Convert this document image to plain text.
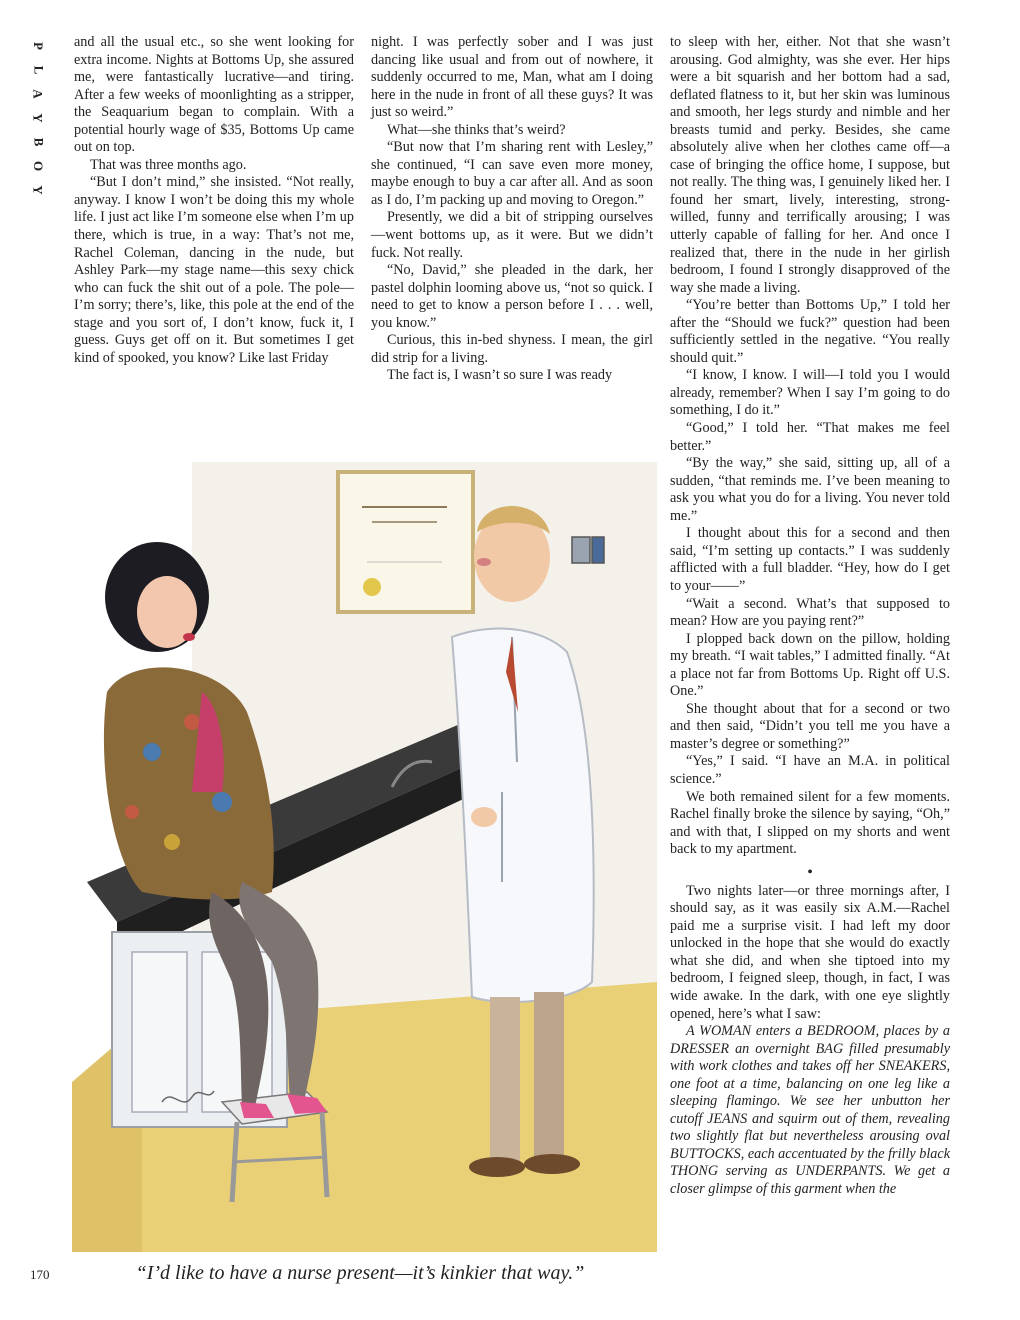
P
L
A
Y
B
O
Y

and all the usual etc., so she went looking for extra income. Nights at Bottoms Up, she assured me, were fantastically lucrative—and tiring. After a few weeks of moonlighting as a stripper, the Seaquarium began to complain. With a potential hourly wage of $35, Bottoms Up came out on top.

That was three months ago.

“But I don’t mind,” she insisted. “Not really, anyway. I know I won’t be doing this my whole life. I just act like I’m someone else when I’m up there, which is true, in a way: That’s not me, Rachel Coleman, dancing in the nude, but Ashley Park—my stage name—this sexy chick who can fuck the shit out of a pole. The pole—I’m sorry; there’s, like, this pole at the end of the stage and you sort of, I don’t know, fuck it, I guess. Guys get off on it. But sometimes I get kind of spooked, you know? Like last Friday

night. I was perfectly sober and I was just dancing like usual and from out of nowhere, it suddenly occurred to me, Man, what am I doing here in the nude in front of all these guys? It was just so weird.”

What—she thinks that’s weird?

“But now that I’m sharing rent with Lesley,” she continued, “I can save even more money, maybe enough to buy a car after all. And as soon as I do, I’m packing up and moving to Oregon.”

Presently, we did a bit of stripping ourselves—went bottoms up, as it were. But we didn’t fuck. Not really.

“No, David,” she pleaded in the dark, her pastel dolphin looming above us, “not so quick. I need to get to know a person before I . . . well, you know.”

Curious, this in-bed shyness. I mean, the girl did strip for a living.

The fact is, I wasn’t so sure I was ready

to sleep with her, either. Not that she wasn’t arousing. God almighty, was she ever. Her hips were a bit squarish and her bottom had a sad, deflated flatness to it, but her skin was luminous and smooth, her legs sturdy and nimble and her breasts tumid and perky. Besides, she came absolutely alive when her clothes came off—a case of bringing the office home, I suppose, but not really. The thing was, I genuinely liked her. I found her smart, lively, interesting, strong-willed, funny and terrifically arousing; I was utterly capable of falling for her. And once I realized that, there in the nude in her girlish bedroom, I found I strongly disapproved of the way she made a living.

“You’re better than Bottoms Up,” I told her after the “Should we fuck?” question had been sufficiently settled in the negative. “You really should quit.”

“I know, I know. I will—I told you I would already, remember? When I say I’m going to do something, I do it.”

“Good,” I told her. “That makes me feel better.”

“By the way,” she said, sitting up, all of a sudden, “that reminds me. I’ve been meaning to ask you what you do for a living. You never told me.”

I thought about this for a second and then said, “I’m setting up contacts.” I was suddenly afflicted with a full bladder. “Hey, how do I get to your——”

“Wait a second. What’s that supposed to mean? How are you paying rent?”

I plopped back down on the pillow, holding my breath. “I wait tables,” I admitted finally. “At a place not far from Bottoms Up. Right off U.S. One.”

She thought about that for a second or two and then said, “Didn’t you tell me you have a master’s degree or something?”

“Yes,” I said. “I have an M.A. in political science.”

We both remained silent for a few moments. Rachel finally broke the silence by saying, “Oh,” and with that, I slipped on my shorts and went back to my apartment.

•

Two nights later—or three mornings after, I should say, as it was easily six A.M.—Rachel paid me a surprise visit. I had left my door unlocked in the hope that she would do exactly what she did, and when she tiptoed into my bedroom, I feigned sleep, though, in fact, I was wide awake. In the dark, with one eye slightly opened, here’s what I saw:

A WOMAN enters a BEDROOM, places by a DRESSER an overnight BAG filled presumably with work clothes and takes off her SNEAKERS, one foot at a time, balancing on one leg like a sleeping flamingo. We see her unbutton her cutoff JEANS and squirm out of them, revealing two slightly flat but nevertheless arousing oval BUTTOCKS, each accentuated by the frilly black THONG serving as UNDERPANTS. We get a closer glimpse of this garment when the

“I’d like to have a nurse present—it’s kinkier that way.”
170
